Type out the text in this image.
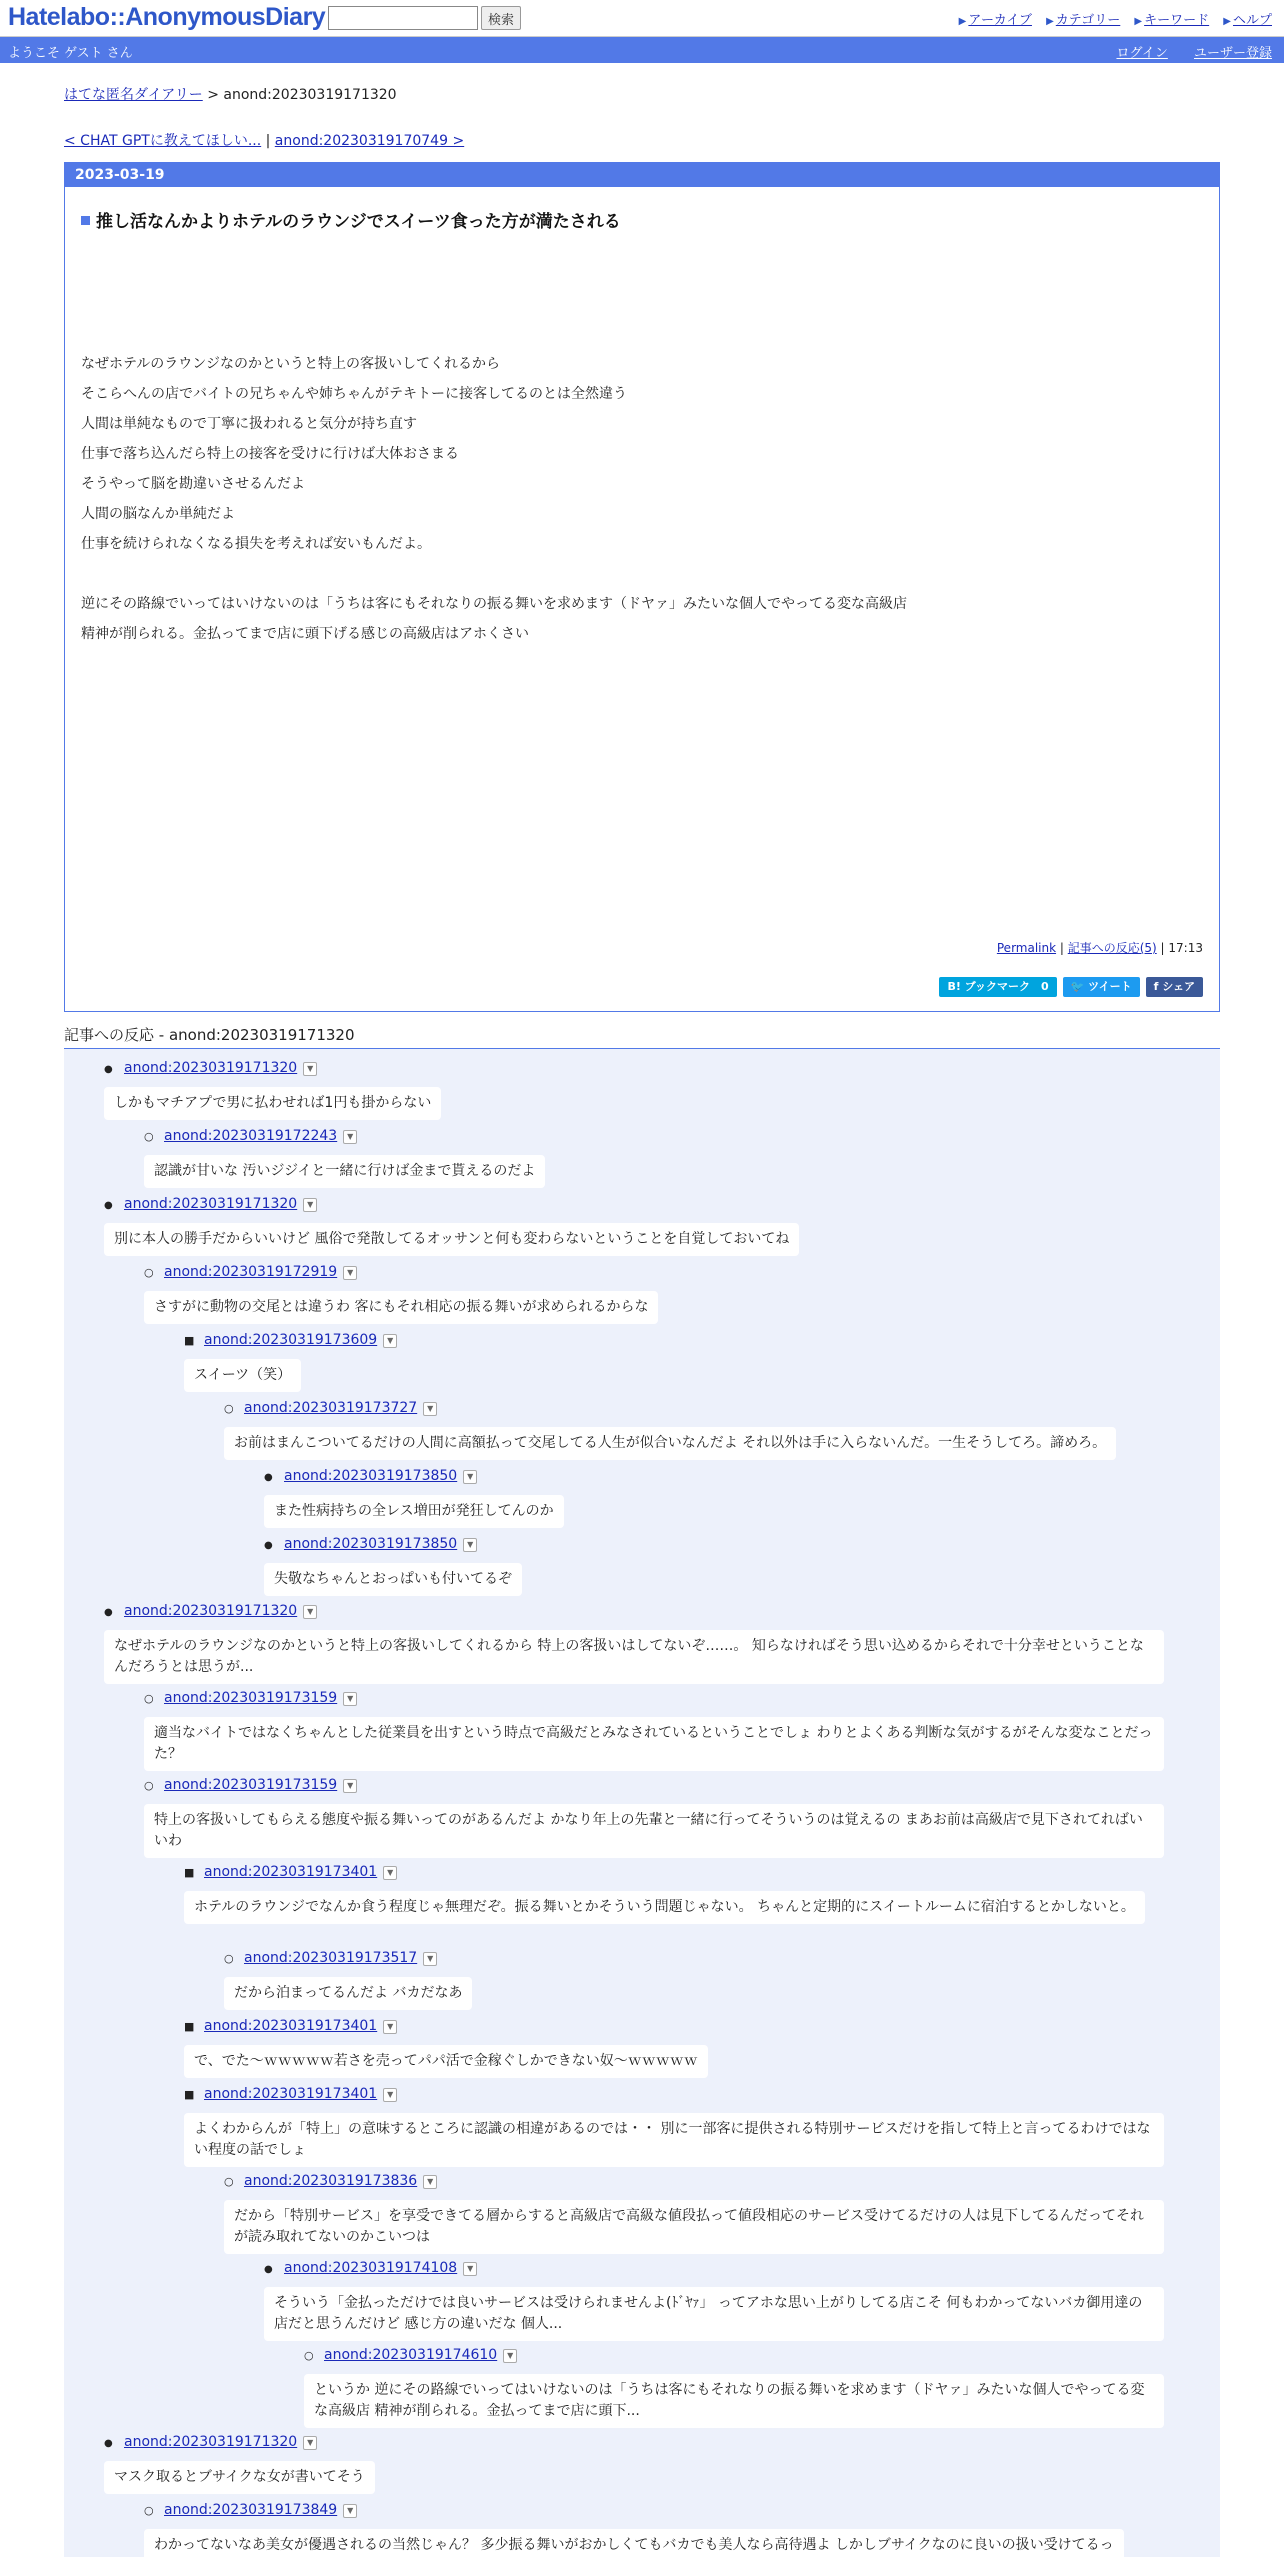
Hatelabo::AnonymousDiary	検索	▶ アーカイブ ▶ カテゴリー ▶ キーワード ▶ ヘルプ
ようこそ ゲスト さん	ログイン ユーザー登録
はてな匿名ダイアリー > anond:20230319171320
< CHAT GPTに教えてほしい... | anond:20230319170749 >
2023-03-19
推し活なんかよりホテルのラウンジでスイーツ食った方が満たされる

なぜホテルのラウンジなのかというと特上の客扱いしてくれるから

そこらへんの店でバイトの兄ちゃんや姉ちゃんがテキトーに接客してるのとは全然違う

人間は単純なもので丁寧に扱われると気分が持ち直す

仕事で落ち込んだら特上の接客を受けに行けば大体おさまる

そうやって脳を勘違いさせるんだよ

人間の脳なんか単純だよ

仕事を続けられなくなる損失を考えれば安いもんだよ。

逆にその路線でいってはいけないのは「うちは客にもそれなりの振る舞いを求めます（ドヤァ」みたいな個人でやってる変な高級店

精神が削られる。金払ってまで店に頭下げる感じの高級店はアホくさい

Permalink | 記事への反応(5) | 17:13
B! ブックマーク　0	🐦 ツイート	f シェア
記事への反応 - anond:20230319171320
● anond:20230319171320 ▼
しかもマチアプで男に払わせれば1円も掛からない
○ anond:20230319172243 ▼
認識が甘いな 汚いジジイと一緒に行けば金まで貰えるのだよ
● anond:20230319171320 ▼
別に本人の勝手だからいいけど 風俗で発散してるオッサンと何も変わらないということを自覚しておいてね
○ anond:20230319172919 ▼
さすがに動物の交尾とは違うわ 客にもそれ相応の振る舞いが求められるからな
■ anond:20230319173609 ▼
スイーツ（笑）
○ anond:20230319173727 ▼
お前はまんこついてるだけの人間に高額払って交尾してる人生が似合いなんだよ それ以外は手に入らないんだ。一生そうしてろ。諦めろ。
● anond:20230319173850 ▼
また性病持ちの全レス増田が発狂してんのか
● anond:20230319173850 ▼
失敬なちゃんとおっぱいも付いてるぞ
● anond:20230319171320 ▼
なぜホテルのラウンジなのかというと特上の客扱いしてくれるから 特上の客扱いはしてないぞ……。 知らなければそう思い込めるからそれで十分幸せということなんだろうとは思うが...
○ anond:20230319173159 ▼
適当なバイトではなくちゃんとした従業員を出すという時点で高級だとみなされているということでしょ わりとよくある判断な気がするがそんな変なことだった？
○ anond:20230319173159 ▼
特上の客扱いしてもらえる態度や振る舞いってのがあるんだよ かなり年上の先輩と一緒に行ってそういうのは覚えるの まあお前は高級店で見下されてればいいわ
■ anond:20230319173401 ▼
ホテルのラウンジでなんか食う程度じゃ無理だぞ。振る舞いとかそういう問題じゃない。 ちゃんと定期的にスイートルームに宿泊するとかしないと。
○ anond:20230319173517 ▼
だから泊まってるんだよ バカだなあ
■ anond:20230319173401 ▼
で、でた～ｗｗｗｗｗ若さを売ってパパ活で金稼ぐしかできない奴～ｗｗｗｗｗ
■ anond:20230319173401 ▼
よくわからんが「特上」の意味するところに認識の相違があるのでは・・ 別に一部客に提供される特別サービスだけを指して特上と言ってるわけではない程度の話でしょ
○ anond:20230319173836 ▼
だから「特別サービス」を享受できてる層からすると高級店で高級な値段払って値段相応のサービス受けてるだけの人は見下してるんだってそれが読み取れてないのかこいつは
● anond:20230319174108 ▼
そういう「金払っただけでは良いサービスは受けられませんよ(ﾄﾞﾔｧ」 ってアホな思い上がりしてる店こそ 何もわかってないバカ御用達の店だと思うんだけど 感じ方の違いだな 個人...
○ anond:20230319174610 ▼
というか 逆にその路線でいってはいけないのは「うちは客にもそれなりの振る舞いを求めます（ドヤァ」みたいな個人でやってる変な高級店 精神が削られる。金払ってまで店に頭下...
● anond:20230319171320 ▼
マスク取るとブサイクな女が書いてそう
○ anond:20230319173849 ▼
わかってないなあ美女が優遇されるの当然じゃん？ 多少振る舞いがおかしくてもバカでも美人なら高待遇よ しかしブサイクなのに良いの扱い受けてるっ
